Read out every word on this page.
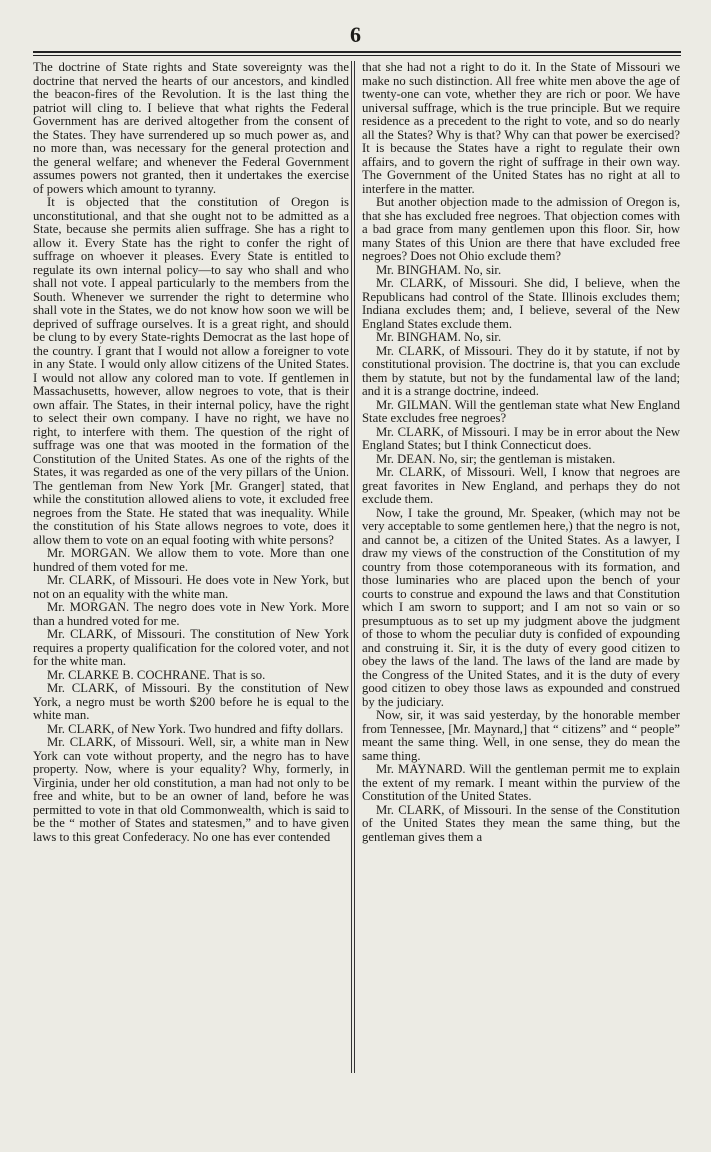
6

The doctrine of State rights and State sovereignty was the doctrine that nerved the hearts of our ancestors, and kindled the beacon-fires of the Revolution. It is the last thing the patriot will cling to. I believe that what rights the Federal Government has are derived altogether from the consent of the States. They have surrendered up so much power as, and no more than, was necessary for the general protection and the general welfare; and whenever the Federal Government assumes powers not granted, then it undertakes the exercise of powers which amount to tyranny.

It is objected that the constitution of Oregon is unconstitutional, and that she ought not to be admitted as a State, because she permits alien suffrage. She has a right to allow it. Every State has the right to confer the right of suffrage on whoever it pleases. Every State is entitled to regulate its own internal policy—to say who shall and who shall not vote. I appeal particularly to the members from the South. Whenever we surrender the right to determine who shall vote in the States, we do not know how soon we will be deprived of suffrage ourselves. It is a great right, and should be clung to by every State-rights Democrat as the last hope of the country. I grant that I would not allow a foreigner to vote in any State. I would only allow citizens of the United States. I would not allow any colored man to vote. If gentlemen in Massachusetts, however, allow negroes to vote, that is their own affair. The States, in their internal policy, have the right to select their own company. I have no right, we have no right, to interfere with them. The question of the right of suffrage was one that was mooted in the formation of the Constitution of the United States. As one of the rights of the States, it was regarded as one of the very pillars of the Union. The gentleman from New York [Mr. Granger] stated, that while the constitution allowed aliens to vote, it excluded free negroes from the State. He stated that was inequality. While the constitution of his State allows negroes to vote, does it allow them to vote on an equal footing with white persons?

Mr. MORGAN. We allow them to vote. More than one hundred of them voted for me.

Mr. CLARK, of Missouri. He does vote in New York, but not on an equality with the white man.

Mr. MORGAN. The negro does vote in New York. More than a hundred voted for me.

Mr. CLARK, of Missouri. The constitution of New York requires a property qualification for the colored voter, and not for the white man.

Mr. CLARKE B. COCHRANE. That is so.

Mr. CLARK, of Missouri. By the constitution of New York, a negro must be worth $200 before he is equal to the white man.

Mr. CLARK, of New York. Two hundred and fifty dollars.

Mr. CLARK, of Missouri. Well, sir, a white man in New York can vote without property, and the negro has to have property. Now, where is your equality? Why, formerly, in Virginia, under her old constitution, a man had not only to be free and white, but to be an owner of land, before he was permitted to vote in that old Commonwealth, which is said to be the “ mother of States and statesmen,” and to have given laws to this great Confederacy. No one has ever contended

that she had not a right to do it. In the State of Missouri we make no such distinction. All free white men above the age of twenty-one can vote, whether they are rich or poor. We have universal suffrage, which is the true principle. But we require residence as a precedent to the right to vote, and so do nearly all the States? Why is that? Why can that power be exercised? It is because the States have a right to regulate their own affairs, and to govern the right of suffrage in their own way. The Government of the United States has no right at all to interfere in the matter.

But another objection made to the admission of Oregon is, that she has excluded free negroes. That objection comes with a bad grace from many gentlemen upon this floor. Sir, how many States of this Union are there that have excluded free negroes? Does not Ohio exclude them?

Mr. BINGHAM. No, sir.

Mr. CLARK, of Missouri. She did, I believe, when the Republicans had control of the State. Illinois excludes them; Indiana excludes them; and, I believe, several of the New England States exclude them.

Mr. BINGHAM. No, sir.

Mr. CLARK, of Missouri. They do it by statute, if not by constitutional provision. The doctrine is, that you can exclude them by statute, but not by the fundamental law of the land; and it is a strange doctrine, indeed.

Mr. GILMAN. Will the gentleman state what New England State excludes free negroes?

Mr. CLARK, of Missouri. I may be in error about the New England States; but I think Connecticut does.

Mr. DEAN. No, sir; the gentleman is mistaken.

Mr. CLARK, of Missouri. Well, I know that negroes are great favorites in New England, and perhaps they do not exclude them.

Now, I take the ground, Mr. Speaker, (which may not be very acceptable to some gentlemen here,) that the negro is not, and cannot be, a citizen of the United States. As a lawyer, I draw my views of the construction of the Constitution of my country from those cotemporaneous with its formation, and those luminaries who are placed upon the bench of your courts to construe and expound the laws and that Constitution which I am sworn to support; and I am not so vain or so presumptuous as to set up my judgment above the judgment of those to whom the peculiar duty is confided of expounding and construing it. Sir, it is the duty of every good citizen to obey the laws of the land. The laws of the land are made by the Congress of the United States, and it is the duty of every good citizen to obey those laws as expounded and construed by the judiciary.

Now, sir, it was said yesterday, by the honorable member from Tennessee, [Mr. Maynard,] that “ citizens” and “ people” meant the same thing. Well, in one sense, they do mean the same thing.

Mr. MAYNARD. Will the gentleman permit me to explain the extent of my remark. I meant within the purview of the Constitution of the United States.

Mr. CLARK, of Missouri. In the sense of the Constitution of the United States they mean the same thing, but the gentleman gives them a
